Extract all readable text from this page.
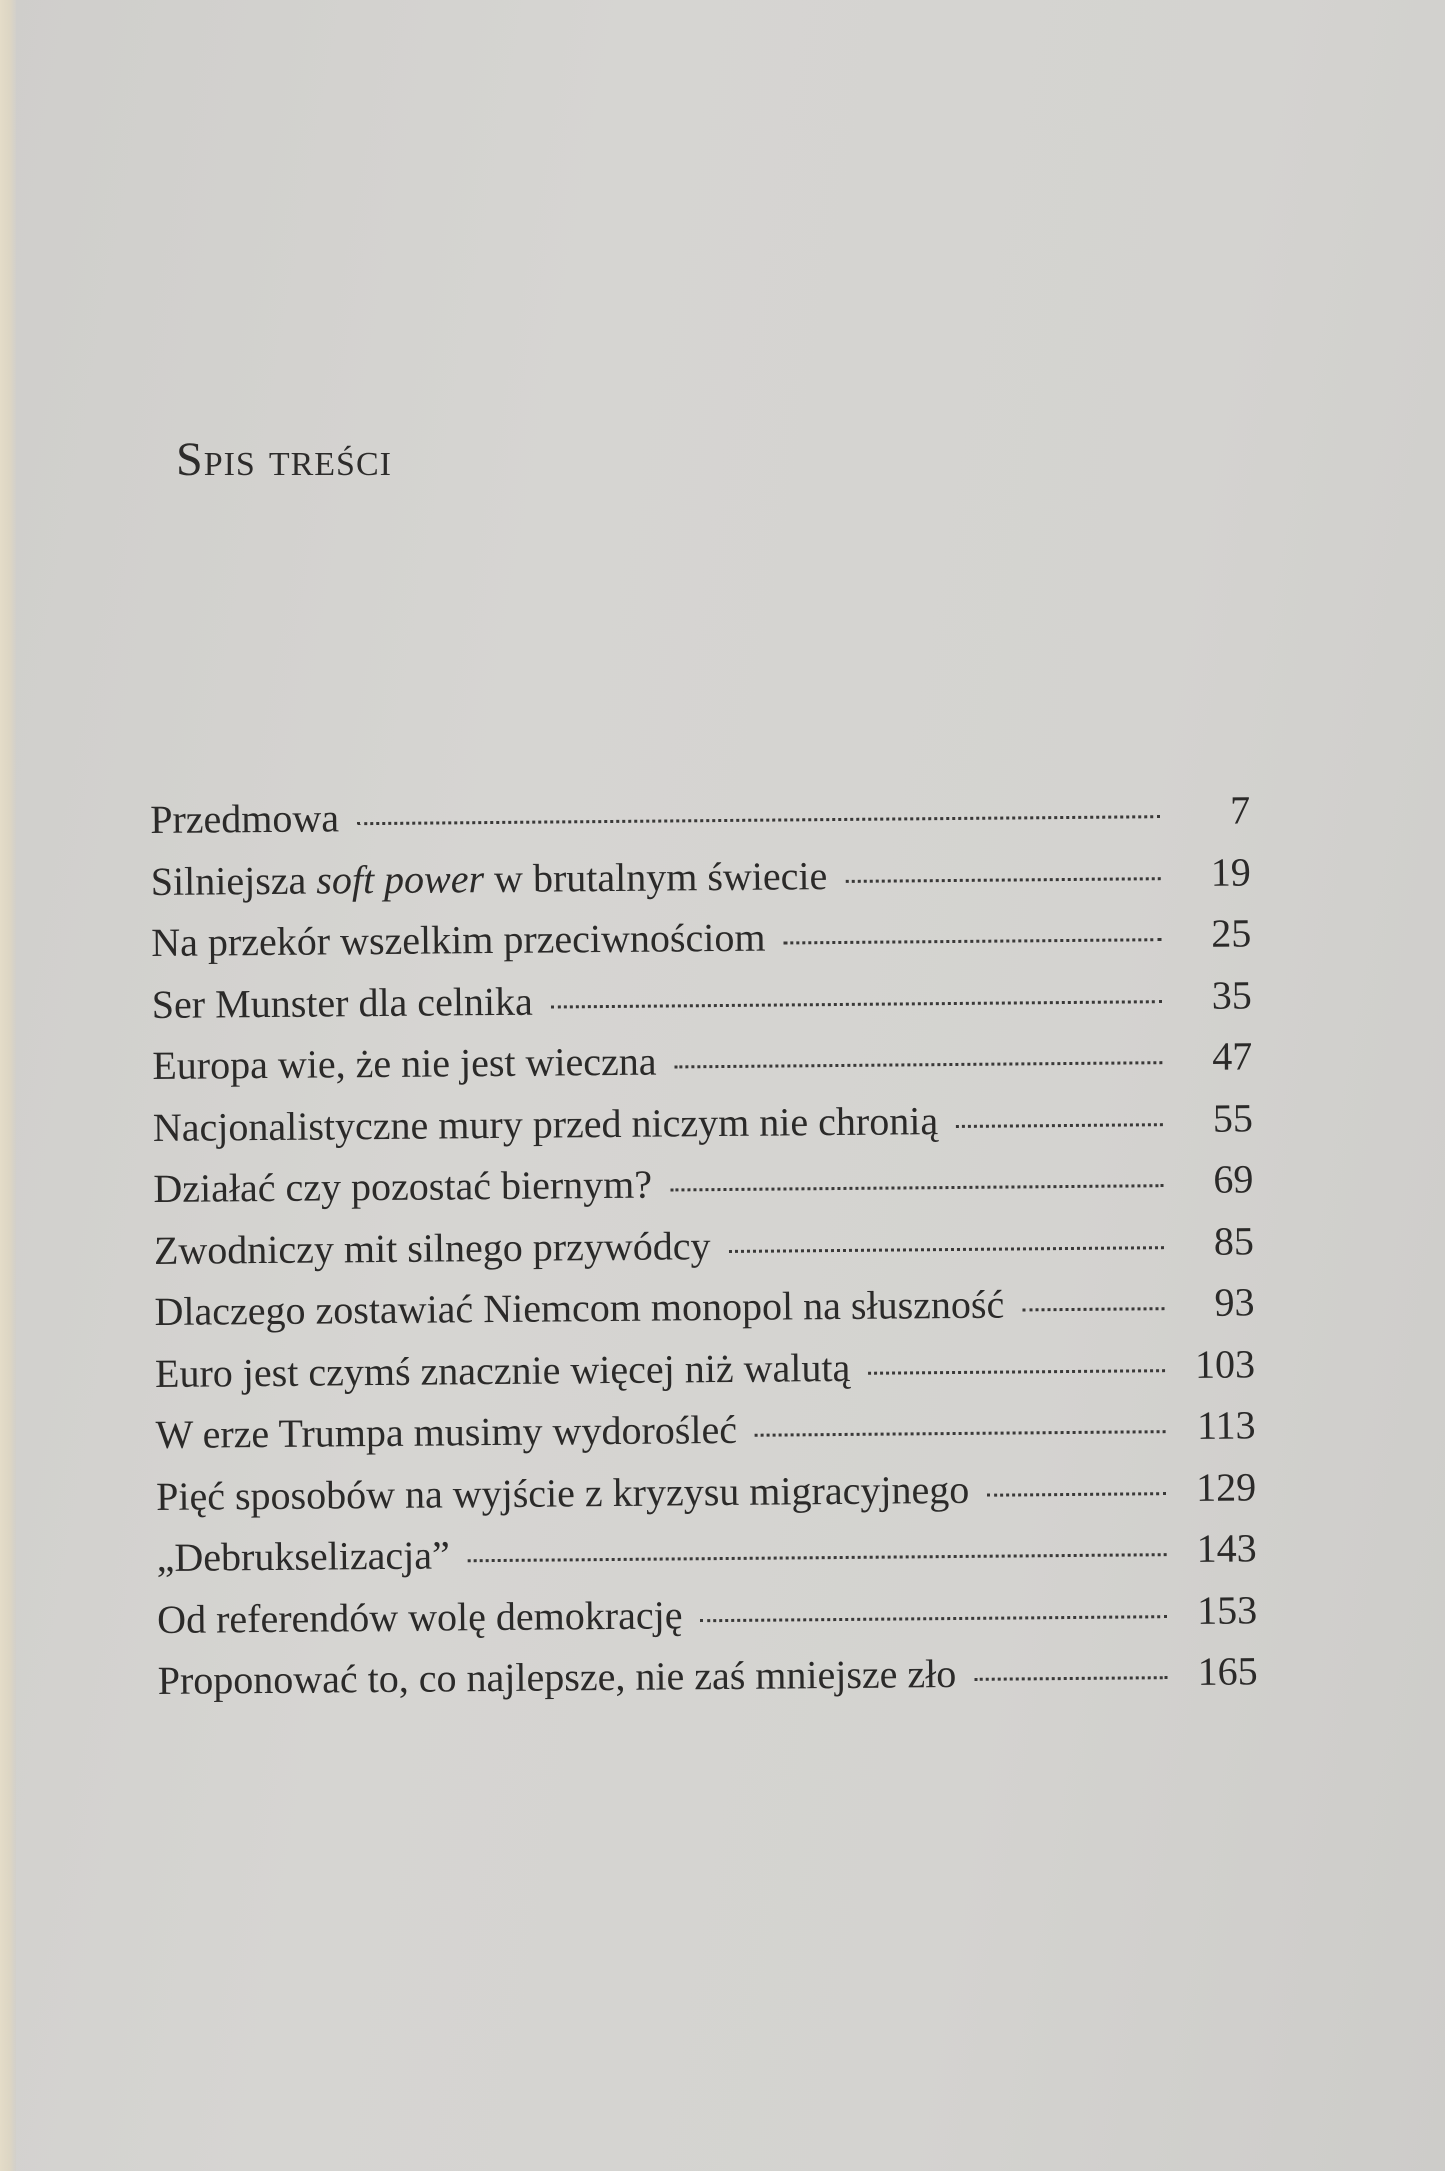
Spis treści
Przedmowa	7
Silniejsza soft power w brutalnym świecie	19
Na przekór wszelkim przeciwnościom	25
Ser Munster dla celnika	35
Europa wie, że nie jest wieczna	47
Nacjonalistyczne mury przed niczym nie chronią	55
Działać czy pozostać biernym?	69
Zwodniczy mit silnego przywódcy	85
Dlaczego zostawiać Niemcom monopol na słuszność	93
Euro jest czymś znacznie więcej niż walutą	103
W erze Trumpa musimy wydorośleć	113
Pięć sposobów na wyjście z kryzysu migracyjnego	129
„Debrukselizacja”	143
Od referendów wolę demokrację	153
Proponować to, co najlepsze, nie zaś mniejsze zło	165
